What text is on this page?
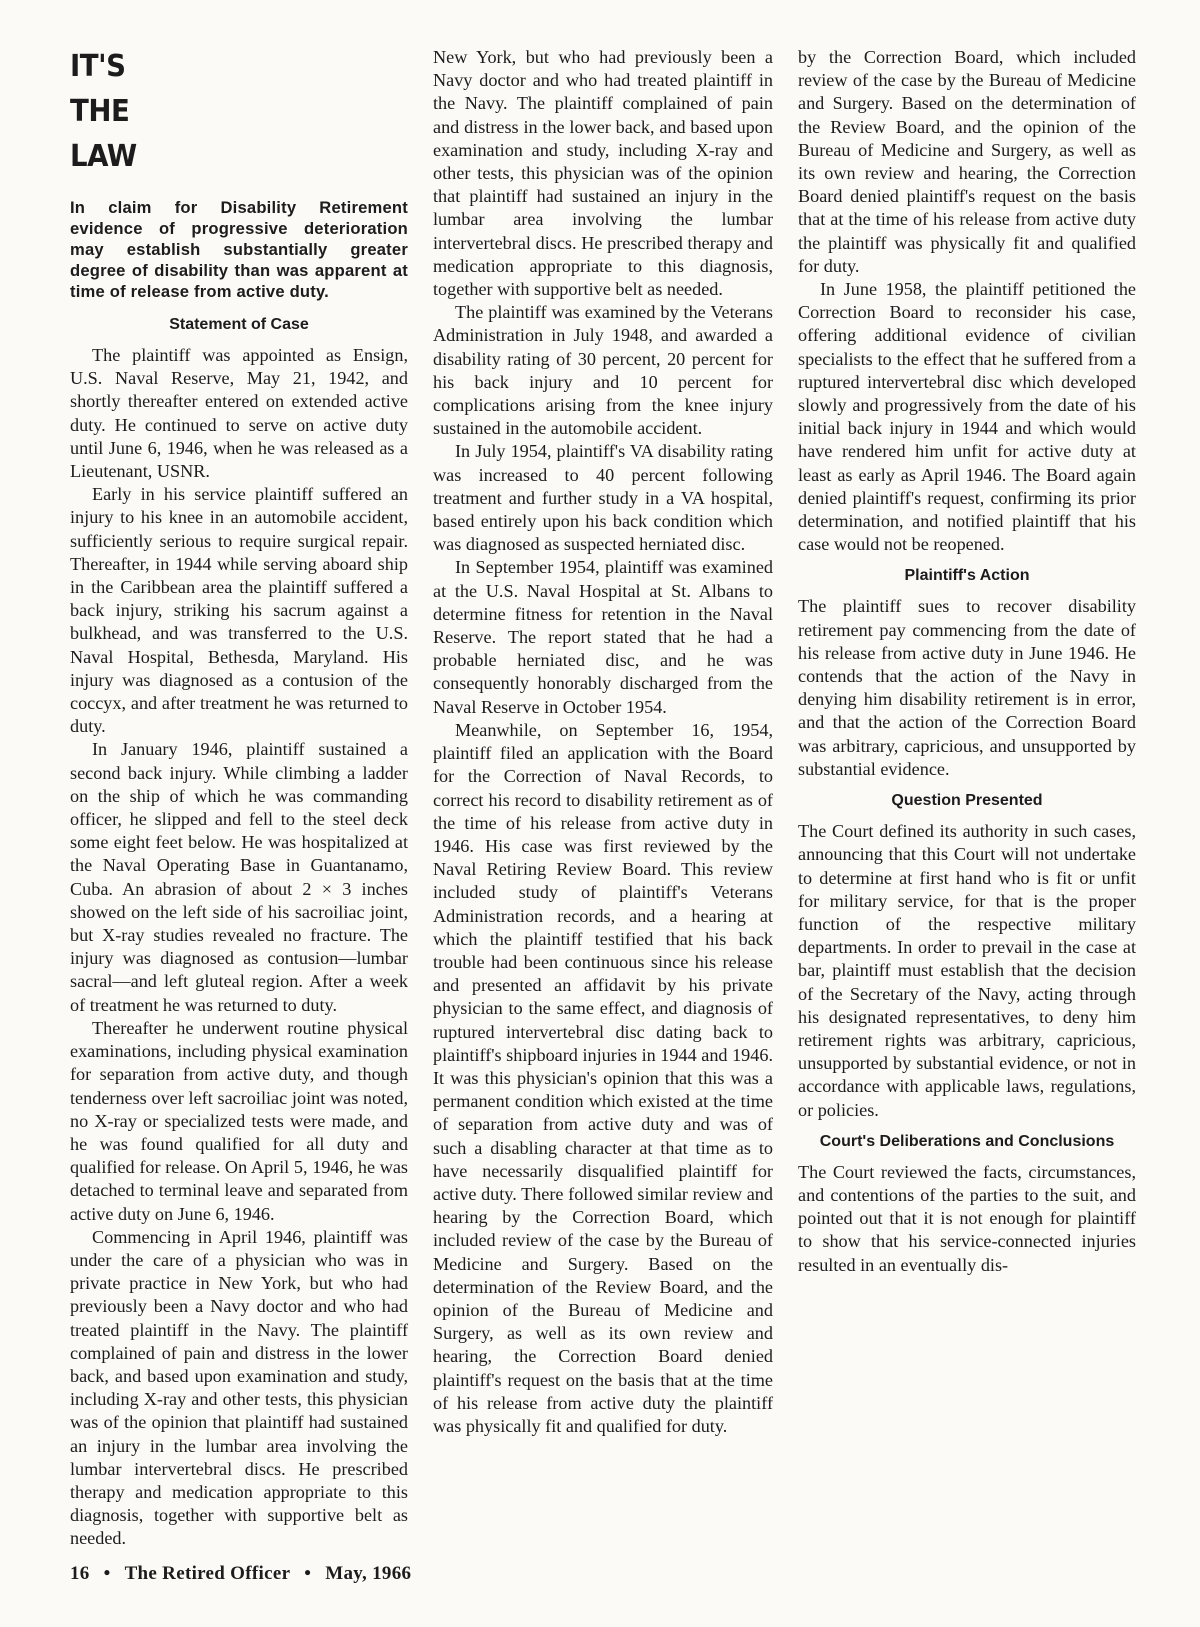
IT'S
THE
LAW
In claim for Disability Retirement evidence of progressive deterioration may establish substantially greater degree of disability than was apparent at time of release from active duty.
Statement of Case

The plaintiff was appointed as Ensign, U.S. Naval Reserve, May 21, 1942, and shortly thereafter entered on extended active duty. He continued to serve on active duty until June 6, 1946, when he was released as a Lieutenant, USNR.

Early in his service plaintiff suffered an injury to his knee in an automobile accident, sufficiently serious to require surgical repair. Thereafter, in 1944 while serving aboard ship in the Caribbean area the plaintiff suffered a back injury, striking his sacrum against a bulkhead, and was transferred to the U.S. Naval Hospital, Bethesda, Maryland. His injury was diagnosed as a contusion of the coccyx, and after treatment he was returned to duty.

In January 1946, plaintiff sustained a second back injury. While climbing a ladder on the ship of which he was commanding officer, he slipped and fell to the steel deck some eight feet below. He was hospitalized at the Naval Operating Base in Guantanamo, Cuba. An abrasion of about 2 × 3 inches showed on the left side of his sacroiliac joint, but X-ray studies revealed no fracture. The injury was diagnosed as contusion—lumbar sacral—and left gluteal region. After a week of treatment he was returned to duty.

Thereafter he underwent routine physical examinations, including physical examination for separation from active duty, and though tenderness over left sacroiliac joint was noted, no X-ray or specialized tests were made, and he was found qualified for all duty and qualified for release. On April 5, 1946, he was detached to terminal leave and separated from active duty on June 6, 1946.

Commencing in April 1946, plaintiff was under the care of a physician who was in private practice in New York, but who had previously been a Navy doctor and who had treated plaintiff in the Navy. The plaintiff complained of pain and distress in the lower back, and based upon examination and study, including X-ray and other tests, this physician was of the opinion that plaintiff had sustained an injury in the lumbar area involving the lumbar intervertebral discs. He prescribed therapy and medication appropriate to this diagnosis, together with supportive belt as needed.

New York, but who had previously been a Navy doctor and who had treated plaintiff in the Navy. The plaintiff complained of pain and distress in the lower back, and based upon examination and study, including X-ray and other tests, this physician was of the opinion that plaintiff had sustained an injury in the lumbar area involving the lumbar intervertebral discs. He prescribed therapy and medication appropriate to this diagnosis, together with supportive belt as needed.

The plaintiff was examined by the Veterans Administration in July 1948, and awarded a disability rating of 30 percent, 20 percent for his back injury and 10 percent for complications arising from the knee injury sustained in the automobile accident.

In July 1954, plaintiff's VA disability rating was increased to 40 percent following treatment and further study in a VA hospital, based entirely upon his back condition which was diagnosed as suspected herniated disc.

In September 1954, plaintiff was examined at the U.S. Naval Hospital at St. Albans to determine fitness for retention in the Naval Reserve. The report stated that he had a probable herniated disc, and he was consequently honorably discharged from the Naval Reserve in October 1954.

Meanwhile, on September 16, 1954, plaintiff filed an application with the Board for the Correction of Naval Records, to correct his record to disability retirement as of the time of his release from active duty in 1946. His case was first reviewed by the Naval Retiring Review Board. This review included study of plaintiff's Veterans Administration records, and a hearing at which the plaintiff testified that his back trouble had been continuous since his release and presented an affidavit by his private physician to the same effect, and diagnosis of ruptured intervertebral disc dating back to plaintiff's shipboard injuries in 1944 and 1946. It was this physician's opinion that this was a permanent condition which existed at the time of separation from active duty and was of such a disabling character at that time as to have necessarily disqualified plaintiff for active duty. There followed similar review and hearing by the Correction Board, which included review of the case by the Bureau of Medicine and Surgery. Based on the determination of the Review Board, and the opinion of the Bureau of Medicine and Surgery, as well as its own review and hearing, the Correction Board denied plaintiff's request on the basis that at the time of his release from active duty the plaintiff was physically fit and qualified for duty.

by the Correction Board, which included review of the case by the Bureau of Medicine and Surgery. Based on the determination of the Review Board, and the opinion of the Bureau of Medicine and Surgery, as well as its own review and hearing, the Correction Board denied plaintiff's request on the basis that at the time of his release from active duty the plaintiff was physically fit and qualified for duty.

In June 1958, the plaintiff petitioned the Correction Board to reconsider his case, offering additional evidence of civilian specialists to the effect that he suffered from a ruptured intervertebral disc which developed slowly and progressively from the date of his initial back injury in 1944 and which would have rendered him unfit for active duty at least as early as April 1946. The Board again denied plaintiff's request, confirming its prior determination, and notified plaintiff that his case would not be reopened.

Plaintiff's Action

The plaintiff sues to recover disability retirement pay commencing from the date of his release from active duty in June 1946. He contends that the action of the Navy in denying him disability retirement is in error, and that the action of the Correction Board was arbitrary, capricious, and unsupported by substantial evidence.

Question Presented

The Court defined its authority in such cases, announcing that this Court will not undertake to determine at first hand who is fit or unfit for military service, for that is the proper function of the respective military departments. In order to prevail in the case at bar, plaintiff must establish that the decision of the Secretary of the Navy, acting through his designated representatives, to deny him retirement rights was arbitrary, capricious, unsupported by substantial evidence, or not in accordance with applicable laws, regulations, or policies.

Court's Deliberations and Conclusions

The Court reviewed the facts, circumstances, and contentions of the parties to the suit, and pointed out that it is not enough for plaintiff to show that his service-connected injuries resulted in an eventually dis-

16 • The Retired Officer • May, 1966
